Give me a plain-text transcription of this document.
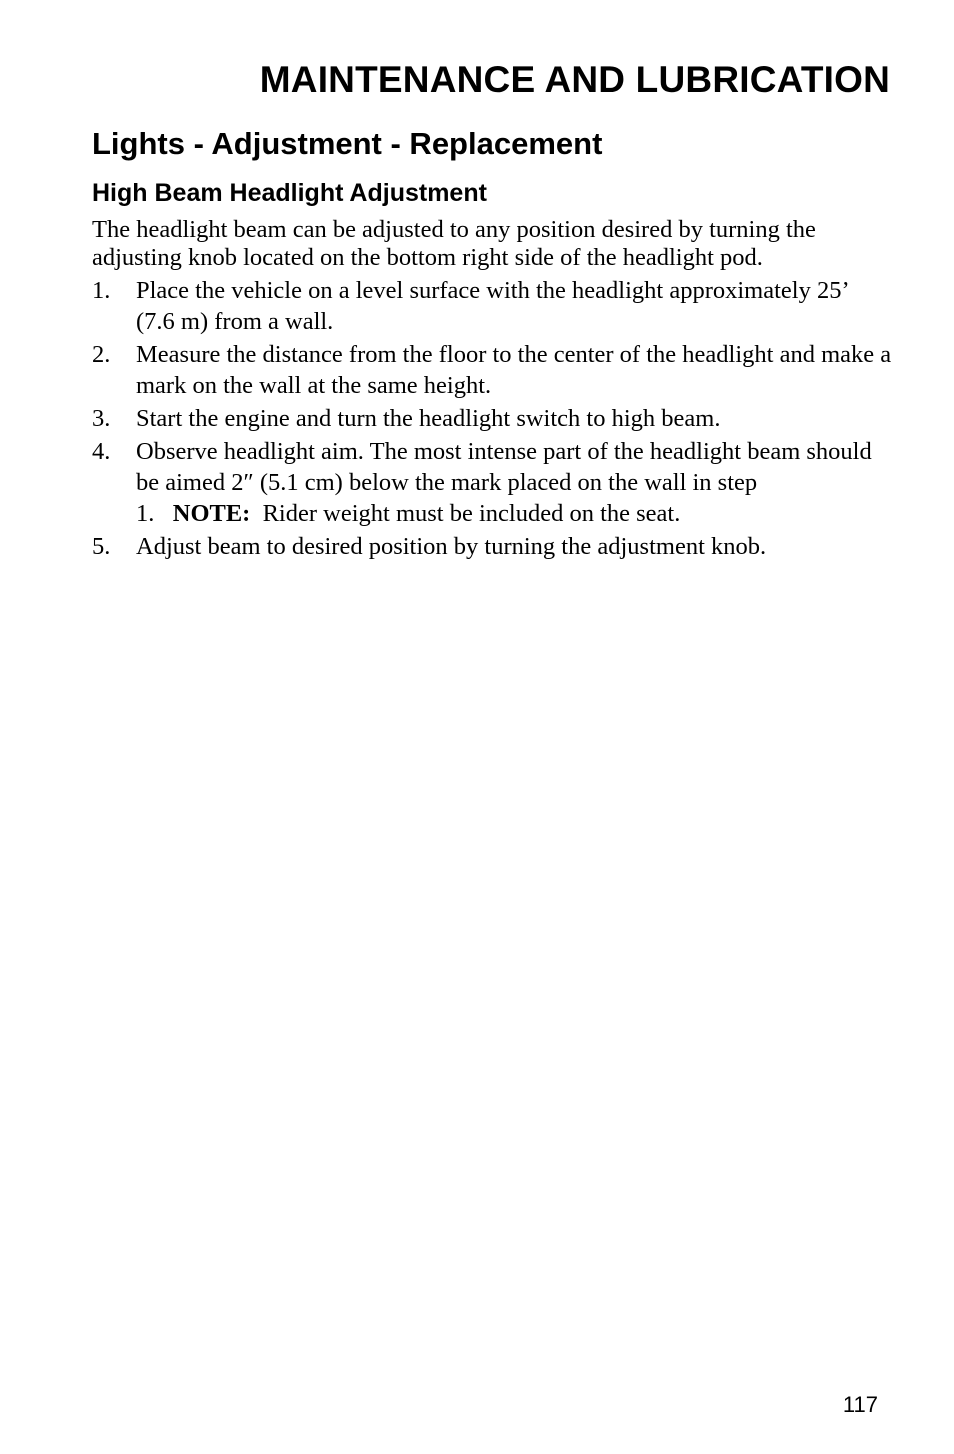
MAINTENANCE AND LUBRICATION
Lights - Adjustment - Replacement
High Beam Headlight Adjustment

The headlight beam can be adjusted to any position desired by turning the adjusting knob located on the bottom right side of the headlight pod.

1.	Place the vehicle on a level surface with the headlight approximately 25’ (7.6 m) from a wall.
2.	Measure the distance from the floor to the center of the headlight and make a mark on the wall at the same height.
3.	Start the engine and turn the headlight switch to high beam.
4.	Observe headlight aim. The most intense part of the headlight beam should be aimed 2″ (5.1 cm) below the mark placed on the wall in step 1. NOTE: Rider weight must be included on the seat.
5.	Adjust beam to desired position by turning the adjustment knob.

117
